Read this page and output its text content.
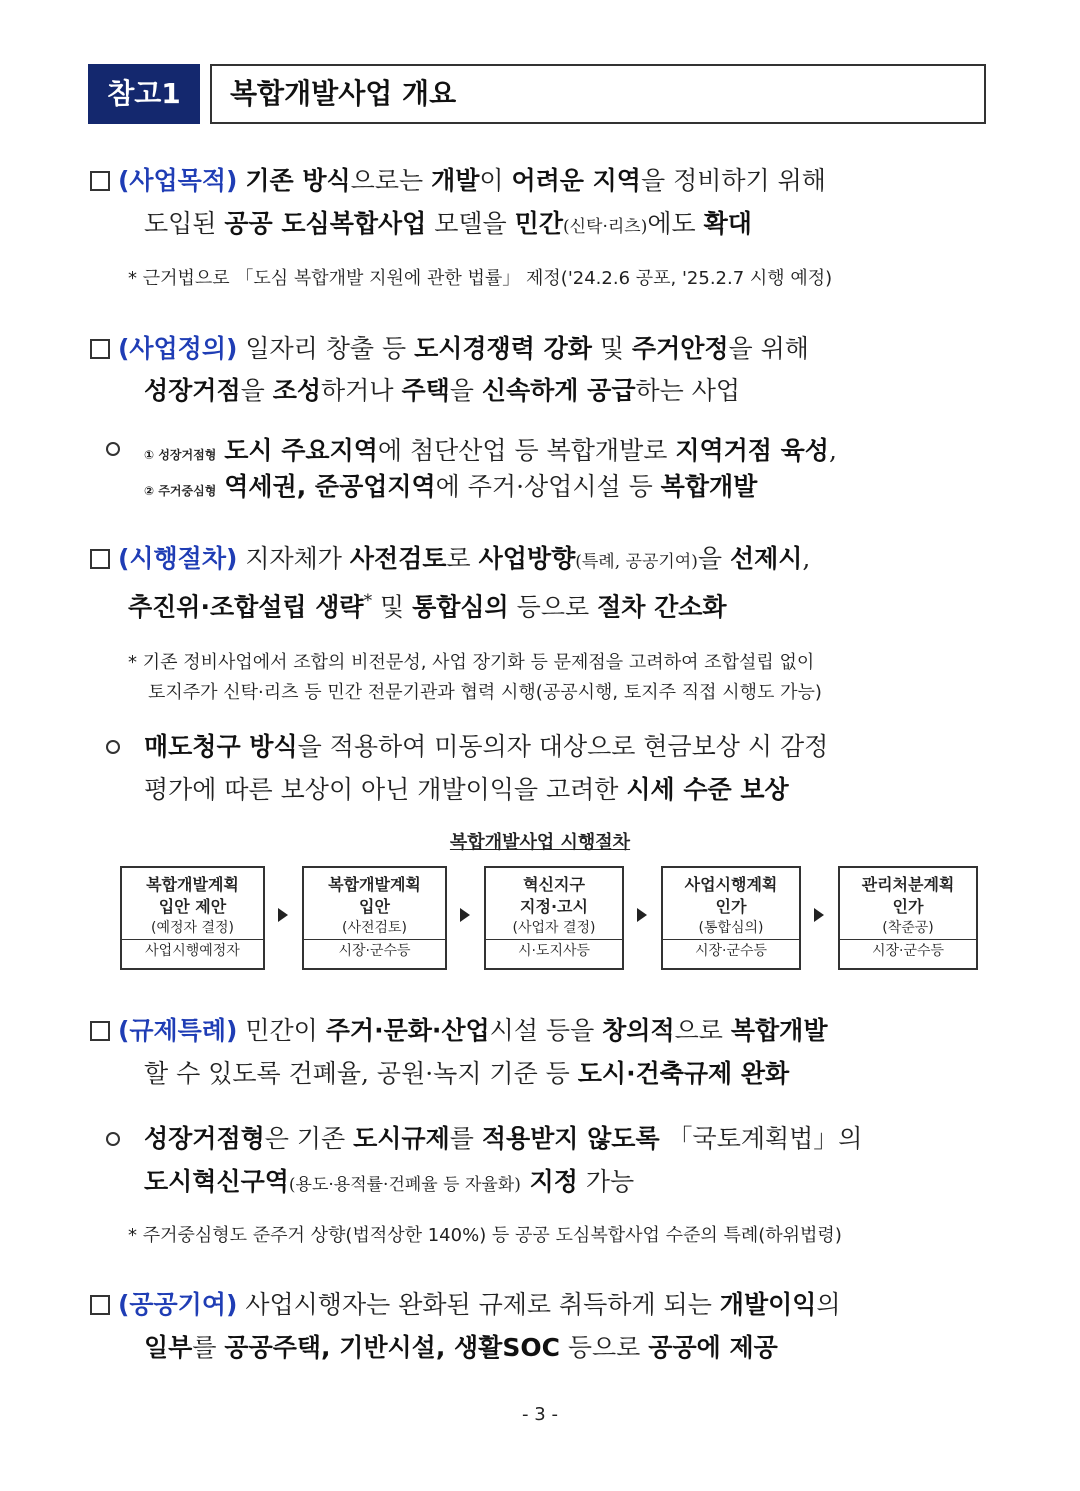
참고1	복합개발사업 개요
(사업목적) 기존 방식으로는 개발이 어려운 지역을 정비하기 위해
도입된 공공 도심복합사업 모델을 민간(신탁·리츠)에도 확대
* 근거법으로 「도심 복합개발 지원에 관한 법률」 제정('24.2.6 공포, '25.2.7 시행 예정)
(사업정의) 일자리 창출 등 도시경쟁력 강화 및 주거안정을 위해
성장거점을 조성하거나 주택을 신속하게 공급하는 사업
① 성장거점형 도시 주요지역에 첨단산업 등 복합개발로 지역거점 육성,
② 주거중심형 역세권, 준공업지역에 주거·상업시설 등 복합개발
(시행절차) 지자체가 사전검토로 사업방향(특례, 공공기여)을 선제시,
추진위·조합설립 생략* 및 통합심의 등으로 절차 간소화
* 기존 정비사업에서 조합의 비전문성, 사업 장기화 등 문제점을 고려하여 조합설립 없이
토지주가 신탁·리츠 등 민간 전문기관과 협력 시행(공공시행, 토지주 직접 시행도 가능)
매도청구 방식을 적용하여 미동의자 대상으로 현금보상 시 감정
평가에 따른 보상이 아닌 개발이익을 고려한 시세 수준 보상
복합개발사업 시행절차
복합개발계획
입안 제안
(예정자 결정)
사업시행예정자
복합개발계획
입안
(사전검토)
시장·군수등
혁신지구
지정·고시
(사업자 결정)
시·도지사등
사업시행계획
인가
(통합심의)
시장·군수등
관리처분계획
인가
(착준공)
시장·군수등
(규제특례) 민간이 주거·문화·산업시설 등을 창의적으로 복합개발
할 수 있도록 건폐율, 공원·녹지 기준 등 도시·건축규제 완화
성장거점형은 기존 도시규제를 적용받지 않도록 「국토계획법」의
도시혁신구역(용도·용적률·건폐율 등 자율화) 지정 가능
* 주거중심형도 준주거 상향(법적상한 140%) 등 공공 도심복합사업 수준의 특례(하위법령)
(공공기여) 사업시행자는 완화된 규제로 취득하게 되는 개발이익의
일부를 공공주택, 기반시설, 생활SOC 등으로 공공에 제공
- 3 -
